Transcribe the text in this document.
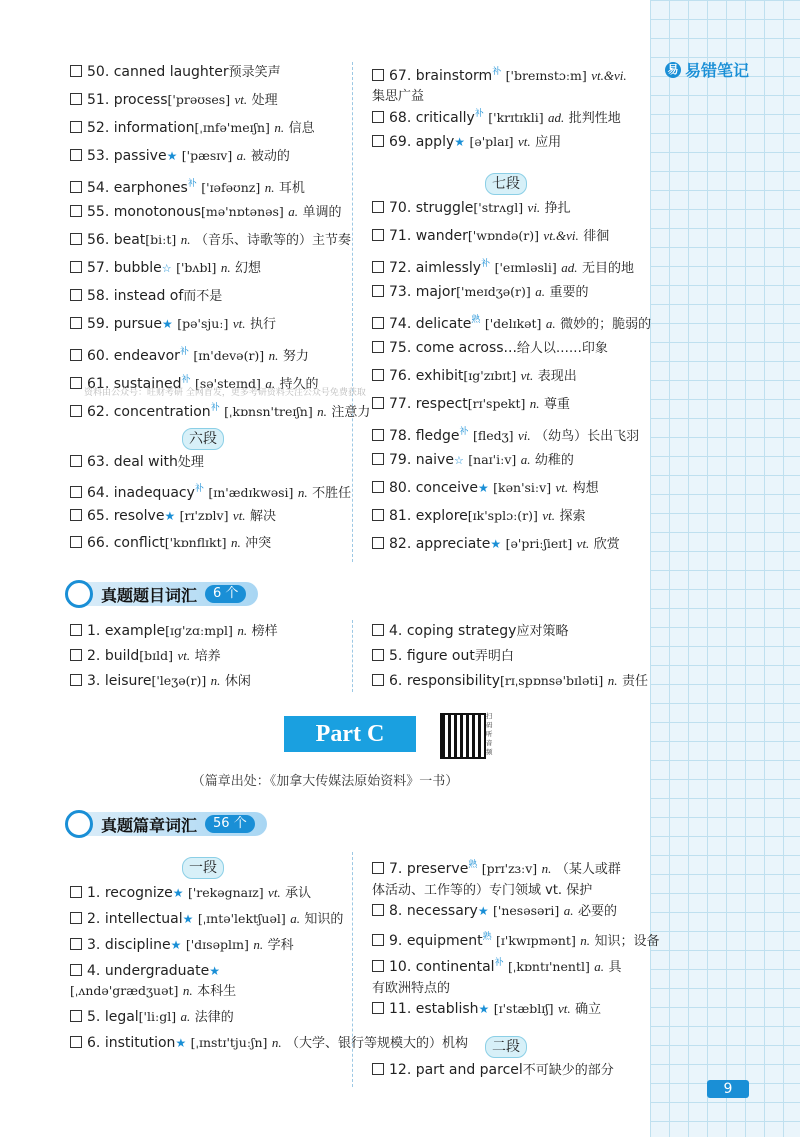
易 易错笔记
50. canned laughter预录笑声
51. process['prəʊses] vt. 处理
52. information[ˌɪnfə'meɪʃn] n. 信息
53. passive★ ['pæsɪv] a. 被动的
54. earphones$^补$ ['ɪəfəʊnz] n. 耳机
55. monotonous[mə'nɒtənəs] a. 单调的
56. beat[biːt] n. （音乐、诗歌等的）主节奏
57. bubble☆ ['bʌbl] n. 幻想
58. instead of而不是
59. pursue★ [pə'sjuː] vt. 执行
60. endeavor$^补$ [ɪn'devə(r)] n. 努力
61. sustained$^补$ [sə'steɪnd] a. 持久的
62. concentration$^补$ [ˌkɒnsn'treɪʃn] n. 注意力
六段
63. deal with处理
64. inadequacy$^补$ [ɪn'ædɪkwəsi] n. 不胜任
65. resolve★ [rɪ'zɒlv] vt. 解决
66. conflict['kɒnflɪkt] n. 冲突
67. brainstorm$^补$ ['breɪnstɔːm] vt.&vi. 集思广益
68. critically$^补$ ['krɪtɪkli] ad. 批判性地
69. apply★ [ə'plaɪ] vt. 应用
七段
70. struggle['strʌgl] vi. 挣扎
71. wander['wɒndə(r)] vt.&vi. 徘徊
72. aimlessly$^补$ ['eɪmləsli] ad. 无目的地
73. major['meɪdʒə(r)] a. 重要的
74. delicate$^熟$ ['delɪkət] a. 微妙的；脆弱的
75. come across...给人以……印象
76. exhibit[ɪg'zɪbɪt] vt. 表现出
77. respect[rɪ'spekt] n. 尊重
78. fledge$^补$ [fledʒ] vi. （幼鸟）长出飞羽
79. naive☆ [naɪ'iːv] a. 幼稚的
80. conceive★ [kən'siːv] vt. 构想
81. explore[ɪk'splɔː(r)] vt. 探索
82. appreciate★ [ə'priːʃieɪt] vt. 欣赏
资料由公众号：旺财考研 全网首发，更多考研资料关注公众号免费获取
真题题目词汇	6 个
1. example[ɪg'zɑːmpl] n. 榜样
2. build[bɪld] vt. 培养
3. leisure['leʒə(r)] n. 休闲
4. coping strategy应对策略
5. figure out弄明白
6. responsibility[rɪˌspɒnsə'bɪləti] n. 责任
Part C
扫码听音频
（篇章出处：《加拿大传媒法原始资料》一书）
真题篇章词汇	56 个
一段
1. recognize★ ['rekəgnaɪz] vt. 承认
2. intellectual★ [ˌɪntə'lektʃuəl] a. 知识的
3. discipline★ ['dɪsəplɪn] n. 学科
4. undergraduate★ [ˌʌndə'grædʒuət] n. 本科生
5. legal['liːgl] a. 法律的
6. institution★ [ˌɪnstɪ'tjuːʃn] n. （大学、银行等规模大的）机构
7. preserve$^熟$ [prɪ'zɜːv] n. （某人或群体活动、工作等的）专门领域 vt. 保护
8. necessary★ ['nesəsəri] a. 必要的
9. equipment$^熟$ [ɪ'kwɪpmənt] n. 知识；设备
10. continental$^补$ [ˌkɒntɪ'nentl] a. 具有欧洲特点的
11. establish★ [ɪ'stæblɪʃ] vt. 确立
二段
12. part and parcel不可缺少的部分
9
